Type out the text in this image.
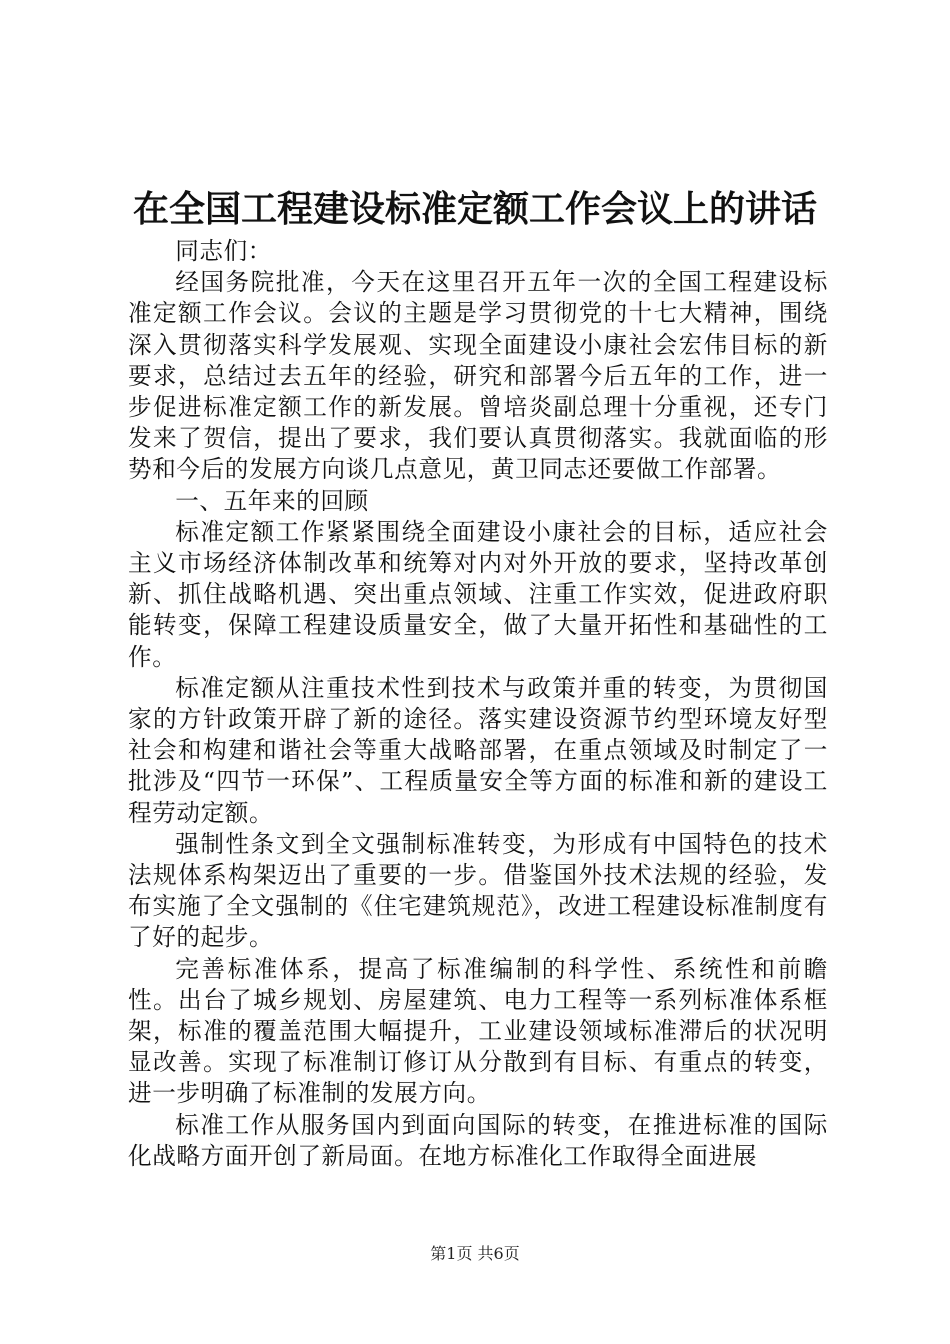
在全国工程建设标准定额工作会议上的讲话

同志们：

经国务院批准，今天在这里召开五年一次的全国工程建设标准定额工作会议。会议的主题是学习贯彻党的十七大精神，围绕深入贯彻落实科学发展观、实现全面建设小康社会宏伟目标的新要求，总结过去五年的经验，研究和部署今后五年的工作，进一步促进标准定额工作的新发展。曾培炎副总理十分重视，还专门发来了贺信，提出了要求，我们要认真贯彻落实。我就面临的形势和今后的发展方向谈几点意见，黄卫同志还要做工作部署。

一、五年来的回顾

标准定额工作紧紧围绕全面建设小康社会的目标，适应社会主义市场经济体制改革和统筹对内对外开放的要求，坚持改革创新、抓住战略机遇、突出重点领域、注重工作实效，促进政府职能转变，保障工程建设质量安全，做了大量开拓性和基础性的工作。

标准定额从注重技术性到技术与政策并重的转变，为贯彻国家的方针政策开辟了新的途径。落实建设资源节约型环境友好型社会和构建和谐社会等重大战略部署，在重点领域及时制定了一批涉及“四节一环保”、工程质量安全等方面的标准和新的建设工程劳动定额。

强制性条文到全文强制标准转变，为形成有中国特色的技术法规体系构架迈出了重要的一步。借鉴国外技术法规的经验，发布实施了全文强制的《住宅建筑规范》，改进工程建设标准制度有了好的起步。

完善标准体系，提高了标准编制的科学性、系统性和前瞻性。出台了城乡规划、房屋建筑、电力工程等一系列标准体系框架，标准的覆盖范围大幅提升，工业建设领域标准滞后的状况明显改善。实现了标准制订修订从分散到有目标、有重点的转变，进一步明确了标准制的发展方向。

标准工作从服务国内到面向国际的转变，在推进标准的国际化战略方面开创了新局面。在地方标准化工作取得全面进展

第1页 共6页
